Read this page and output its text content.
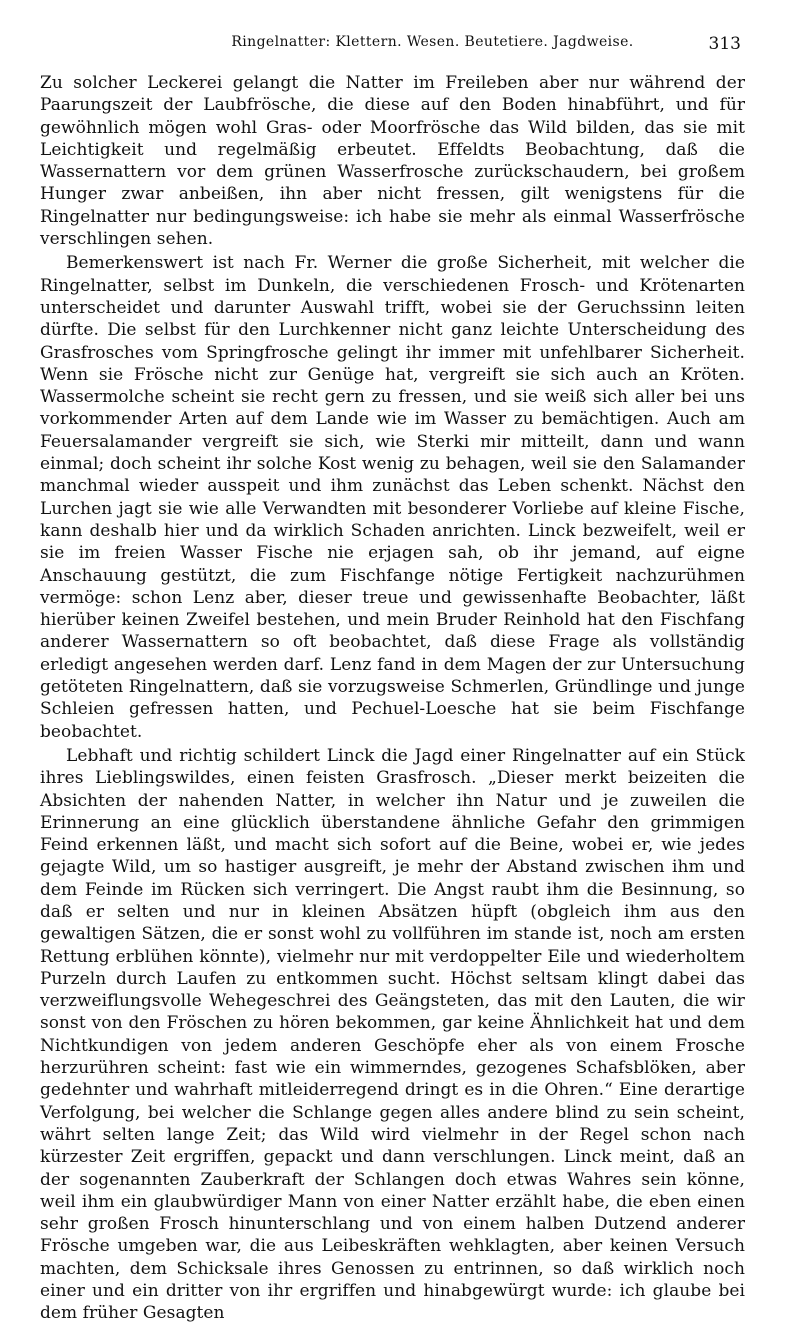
Ringelnatter: Klettern. Wesen. Beutetiere. Jagdweise.	313

Zu solcher Leckerei gelangt die Natter im Freileben aber nur während der Paarungszeit der Laubfrösche, die diese auf den Boden hinabführt, und für gewöhnlich mögen wohl Gras- oder Moorfrösche das Wild bilden, das sie mit Leichtigkeit und regelmäßig erbeutet. Effeldts Beobachtung, daß die Wassernattern vor dem grünen Wasserfrosche zurückschaudern, bei großem Hunger zwar anbeißen, ihn aber nicht fressen, gilt wenigstens für die Ringelnatter nur bedingungsweise: ich habe sie mehr als einmal Wasserfrösche verschlingen sehen.

Bemerkenswert ist nach Fr. Werner die große Sicherheit, mit welcher die Ringelnatter, selbst im Dunkeln, die verschiedenen Frosch- und Krötenarten unterscheidet und darunter Auswahl trifft, wobei sie der Geruchssinn leiten dürfte. Die selbst für den Lurchkenner nicht ganz leichte Unterscheidung des Grasfrosches vom Springfrosche gelingt ihr immer mit unfehlbarer Sicherheit. Wenn sie Frösche nicht zur Genüge hat, vergreift sie sich auch an Kröten. Wassermolche scheint sie recht gern zu fressen, und sie weiß sich aller bei uns vorkommender Arten auf dem Lande wie im Wasser zu bemächtigen. Auch am Feuersalamander vergreift sie sich, wie Sterki mir mitteilt, dann und wann einmal; doch scheint ihr solche Kost wenig zu behagen, weil sie den Salamander manchmal wieder ausspeit und ihm zunächst das Leben schenkt. Nächst den Lurchen jagt sie wie alle Verwandten mit besonderer Vorliebe auf kleine Fische, kann deshalb hier und da wirklich Schaden anrichten. Linck bezweifelt, weil er sie im freien Wasser Fische nie erjagen sah, ob ihr jemand, auf eigne Anschauung gestützt, die zum Fischfange nötige Fertigkeit nachzurühmen vermöge: schon Lenz aber, dieser treue und gewissenhafte Beobachter, läßt hierüber keinen Zweifel bestehen, und mein Bruder Reinhold hat den Fischfang anderer Wassernattern so oft beobachtet, daß diese Frage als vollständig erledigt angesehen werden darf. Lenz fand in dem Magen der zur Untersuchung getöteten Ringelnattern, daß sie vorzugsweise Schmerlen, Gründlinge und junge Schleien gefressen hatten, und Pechuel-Loesche hat sie beim Fischfange beobachtet.

Lebhaft und richtig schildert Linck die Jagd einer Ringelnatter auf ein Stück ihres Lieblingswildes, einen feisten Grasfrosch. „Dieser merkt beizeiten die Absichten der nahenden Natter, in welcher ihn Natur und je zuweilen die Erinnerung an eine glücklich überstandene ähnliche Gefahr den grimmigen Feind erkennen läßt, und macht sich sofort auf die Beine, wobei er, wie jedes gejagte Wild, um so hastiger ausgreift, je mehr der Abstand zwischen ihm und dem Feinde im Rücken sich verringert. Die Angst raubt ihm die Besinnung, so daß er selten und nur in kleinen Absätzen hüpft (obgleich ihm aus den gewaltigen Sätzen, die er sonst wohl zu vollführen im stande ist, noch am ersten Rettung erblühen könnte), vielmehr nur mit verdoppelter Eile und wiederholtem Purzeln durch Laufen zu entkommen sucht. Höchst seltsam klingt dabei das verzweiflungsvolle Wehegeschrei des Geängsteten, das mit den Lauten, die wir sonst von den Fröschen zu hören bekommen, gar keine Ähnlichkeit hat und dem Nichtkundigen von jedem anderen Geschöpfe eher als von einem Frosche herzurühren scheint: fast wie ein wimmerndes, gezogenes Schafsblöken, aber gedehnter und wahrhaft mitleiderregend dringt es in die Ohren.“ Eine derartige Verfolgung, bei welcher die Schlange gegen alles andere blind zu sein scheint, währt selten lange Zeit; das Wild wird vielmehr in der Regel schon nach kürzester Zeit ergriffen, gepackt und dann verschlungen. Linck meint, daß an der sogenannten Zauberkraft der Schlangen doch etwas Wahres sein könne, weil ihm ein glaubwürdiger Mann von einer Natter erzählt habe, die eben einen sehr großen Frosch hinunterschlang und von einem halben Dutzend anderer Frösche umgeben war, die aus Leibeskräften wehklagten, aber keinen Versuch machten, dem Schicksale ihres Genossen zu entrinnen, so daß wirklich noch einer und ein dritter von ihr ergriffen und hinabgewürgt wurde: ich glaube bei dem früher Gesagten
